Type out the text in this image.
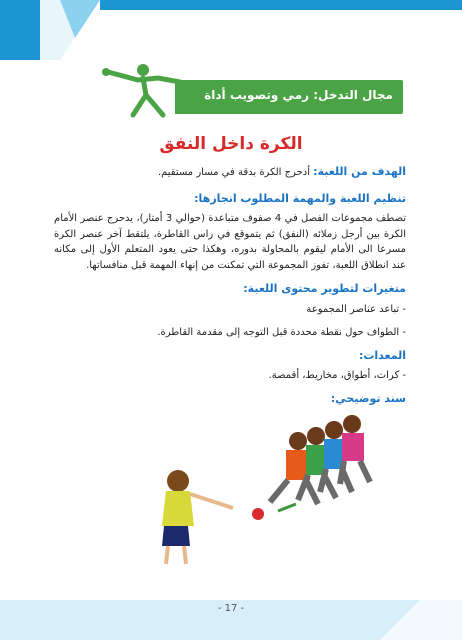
مجال التدخل: رمي وتصويب أداة
الكرة داخل النفق

الهدف من اللعبة: أدحرج الكرة بدقة في مسار مستقيم.

تنظيم اللعبة والمهمة المطلوب انجازها:

تصطف مجموعات الفصل في 4 صفوف متباعدة (حوالي 3 أمتار)، يدحرج عنصر الأمام الكرة بين أرجل زملائه (النفق) ثم يتموقع في راس القاطرة، يلتقط آخر عنصر الكرة مسرعا الى الأمام ليقوم بالمحاولة بدوره، وهكذا حتى يعود المتعلم الأول إلى مكانه عند انطلاق اللعبة، تفوز المجموعة التي تمكنت من إنهاء المهمة قبل منافساتها.

متغيرات لتطوير محتوى اللعبة:

- تباعد عناصر المجموعة

- الطواف حول نقطة محددة قبل التوجه إلى مقدمة القاطرة.

المعدات:

- كرات، أطواق، مخاريط، أقمصة.

سند توضيحي:

- 17 -
